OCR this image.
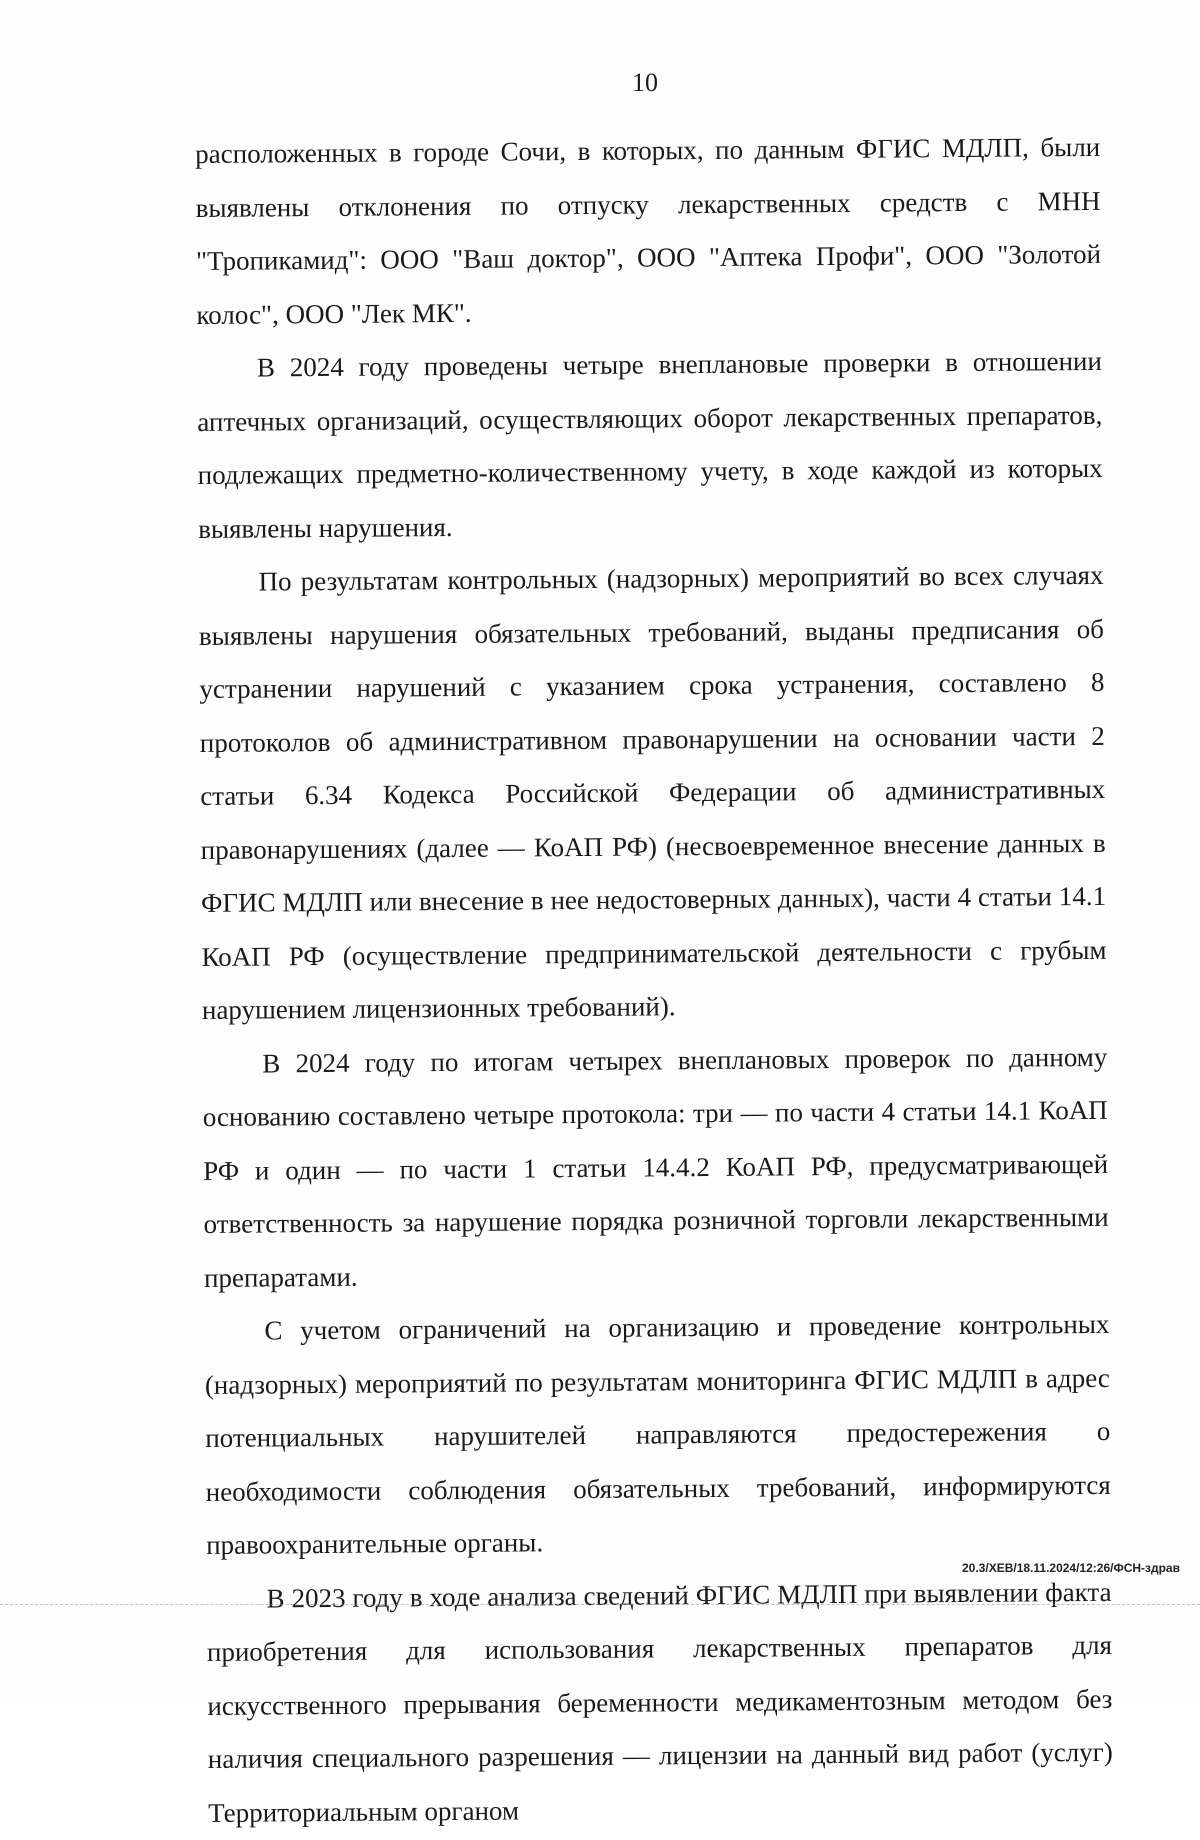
10

расположенных в городе Сочи, в которых, по данным ФГИС МДЛП, были выявлены отклонения по отпуску лекарственных средств с МНН "Тропикамид": ООО "Ваш доктор", ООО "Аптека Профи", ООО "Золотой колос", ООО "Лек МК".

В 2024 году проведены четыре внеплановые проверки в отношении аптечных организаций, осуществляющих оборот лекарственных препаратов, подлежащих предметно-количественному учету, в ходе каждой из которых выявлены нарушения.

По результатам контрольных (надзорных) мероприятий во всех случаях выявлены нарушения обязательных требований, выданы предписания об устранении нарушений с указанием срока устранения, составлено 8 протоколов об административном правонарушении на основании части 2 статьи 6.34 Кодекса Российской Федерации об административных правонарушениях (далее — КоАП РФ) (несвоевременное внесение данных в ФГИС МДЛП или внесение в нее недостоверных данных), части 4 статьи 14.1 КоАП РФ (осуществление предпринимательской деятельности с грубым нарушением лицензионных требований).

В 2024 году по итогам четырех внеплановых проверок по данному основанию составлено четыре протокола: три — по части 4 статьи 14.1 КоАП РФ и один — по части 1 статьи 14.4.2 КоАП РФ, предусматривающей ответственность за нарушение порядка розничной торговли лекарственными препаратами.

С учетом ограничений на организацию и проведение контрольных (надзорных) мероприятий по результатам мониторинга ФГИС МДЛП в адрес потенциальных нарушителей направляются предостережения о необходимости соблюдения обязательных требований, информируются правоохранительные органы.

В 2023 году в ходе анализа сведений ФГИС МДЛП при выявлении факта приобретения для использования лекарственных препаратов для искусственного прерывания беременности медикаментозным методом без наличия специального разрешения — лицензии на данный вид работ (услуг) Территориальным органом

20.3/ХЕВ/18.11.2024/12:26/ФСН-здрав
